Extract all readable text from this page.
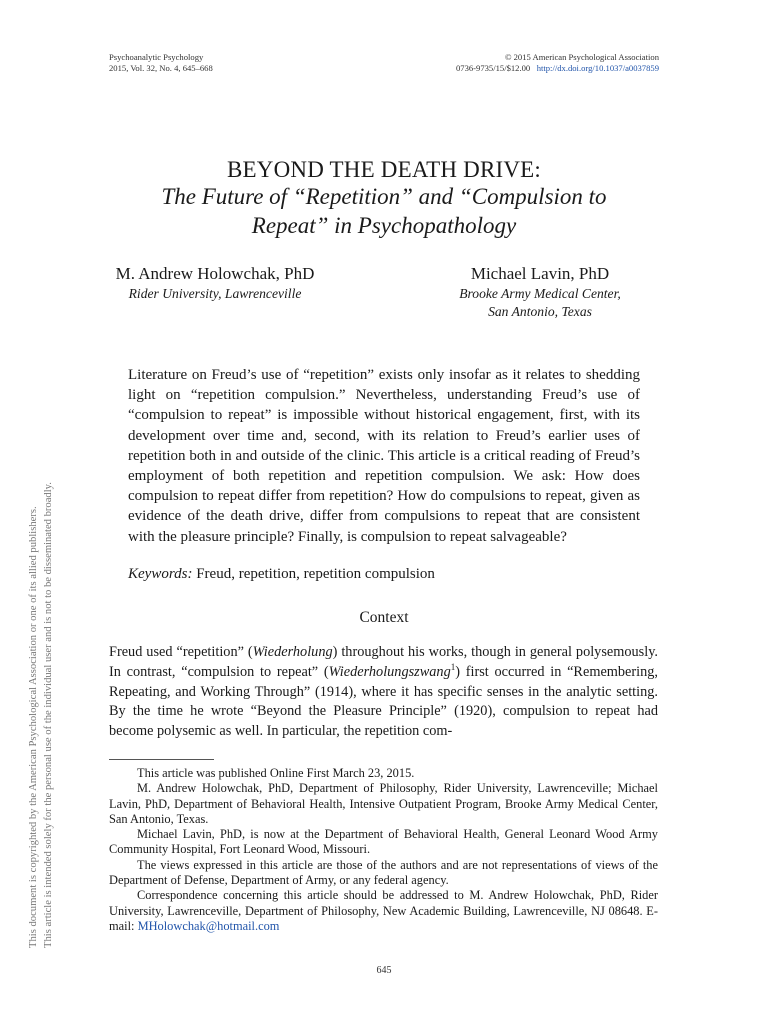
Psychoanalytic Psychology
2015, Vol. 32, No. 4, 645–668
© 2015 American Psychological Association
0736-9735/15/$12.00 http://dx.doi.org/10.1037/a0037859
BEYOND THE DEATH DRIVE:
The Future of “Repetition” and “Compulsion to
Repeat” in Psychopathology
M. Andrew Holowchak, PhD
Rider University, Lawrenceville
Michael Lavin, PhD
Brooke Army Medical Center,
San Antonio, Texas
Literature on Freud’s use of “repetition” exists only insofar as it relates to shedding light on “repetition compulsion.” Nevertheless, understanding Freud’s use of “compulsion to repeat” is impossible without historical engagement, first, with its development over time and, second, with its relation to Freud’s earlier uses of repetition both in and outside of the clinic. This article is a critical reading of Freud’s employment of both repetition and repetition compulsion. We ask: How does compulsion to repeat differ from repetition? How do compulsions to repeat, given as evidence of the death drive, differ from compulsions to repeat that are consistent with the pleasure principle? Finally, is compulsion to repeat salvageable?
Keywords: Freud, repetition, repetition compulsion
Context
Freud used “repetition” (Wiederholung) throughout his works, though in general polysemously. In contrast, “compulsion to repeat” (Wiederholungszwang$^1$) first occurred in “Remembering, Repeating, and Working Through” (1914), where it has specific senses in the analytic setting. By the time he wrote “Beyond the Pleasure Principle” (1920), compulsion to repeat had become polysemic as well. In particular, the repetition com-

This article was published Online First March 23, 2015.

M. Andrew Holowchak, PhD, Department of Philosophy, Rider University, Lawrenceville; Michael Lavin, PhD, Department of Behavioral Health, Intensive Outpatient Program, Brooke Army Medical Center, San Antonio, Texas.

Michael Lavin, PhD, is now at the Department of Behavioral Health, General Leonard Wood Army Community Hospital, Fort Leonard Wood, Missouri.

The views expressed in this article are those of the authors and are not representations of views of the Department of Defense, Department of Army, or any federal agency.

Correspondence concerning this article should be addressed to M. Andrew Holowchak, PhD, Rider University, Lawrenceville, Department of Philosophy, New Academic Building, Lawrenceville, NJ 08648. E-mail: MHolowchak@hotmail.com

645
This document is copyrighted by the American Psychological Association or one of its allied publishers. This article is intended solely for the personal use of the individual user and is not to be disseminated broadly.
